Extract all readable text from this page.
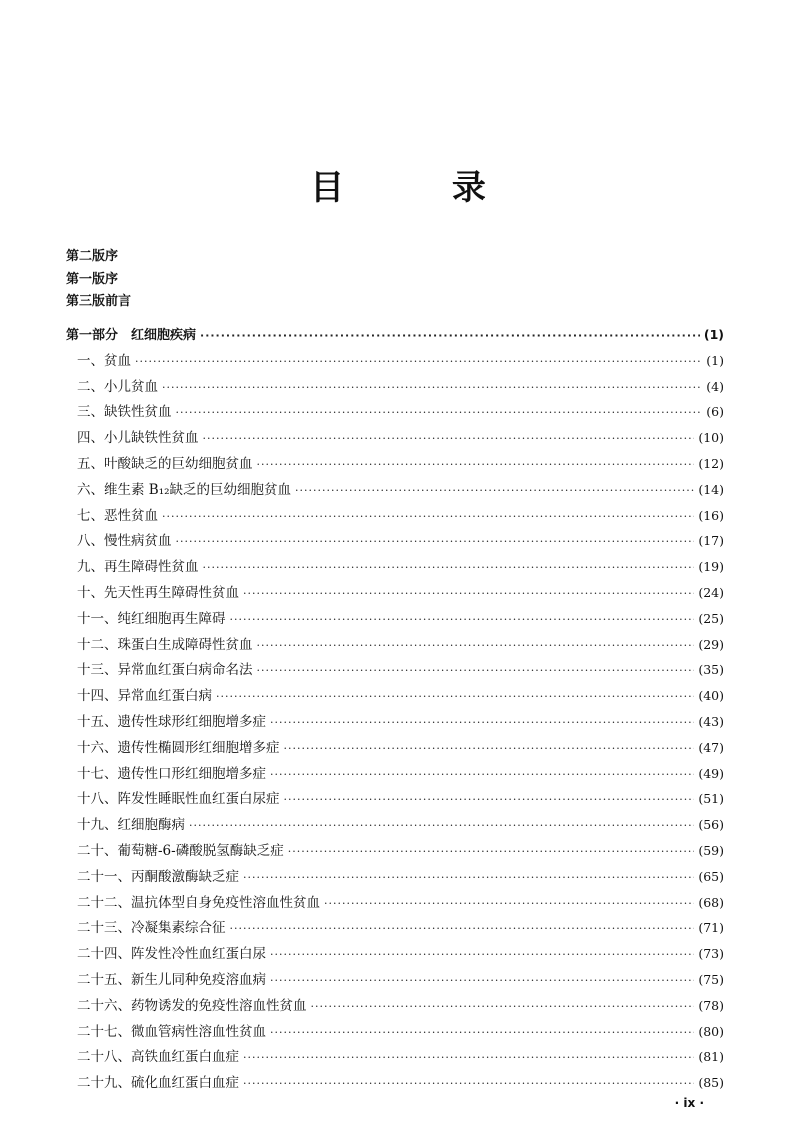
目 录
第二版序
第一版序
第三版前言
第一部分　红细胞疾病 ·····	(1)
一、贫血 ·····	(1)
二、小儿贫血 ·····	(4)
三、缺铁性贫血 ·····	(6)
四、小儿缺铁性贫血 ·····	(10)
五、叶酸缺乏的巨幼细胞贫血 ·····	(12)
六、维生素 B₁₂缺乏的巨幼细胞贫血 ·····	(14)
七、恶性贫血 ·····	(16)
八、慢性病贫血 ·····	(17)
九、再生障碍性贫血 ·····	(19)
十、先天性再生障碍性贫血 ·····	(24)
十一、纯红细胞再生障碍 ·····	(25)
十二、珠蛋白生成障碍性贫血 ·····	(29)
十三、异常血红蛋白病命名法 ·····	(35)
十四、异常血红蛋白病 ·····	(40)
十五、遗传性球形红细胞增多症 ·····	(43)
十六、遗传性椭圆形红细胞增多症 ·····	(47)
十七、遗传性口形红细胞增多症 ·····	(49)
十八、阵发性睡眠性血红蛋白尿症 ·····	(51)
十九、红细胞酶病 ·····	(56)
二十、葡萄糖-6-磷酸脱氢酶缺乏症 ·····	(59)
二十一、丙酮酸激酶缺乏症 ·····	(65)
二十二、温抗体型自身免疫性溶血性贫血 ·····	(68)
二十三、冷凝集素综合征 ·····	(71)
二十四、阵发性冷性血红蛋白尿 ·····	(73)
二十五、新生儿同种免疫溶血病 ·····	(75)
二十六、药物诱发的免疫性溶血性贫血 ·····	(78)
二十七、微血管病性溶血性贫血 ·····	(80)
二十八、高铁血红蛋白血症 ·····	(81)
二十九、硫化血红蛋白血症 ·····	(85)
· ix ·
